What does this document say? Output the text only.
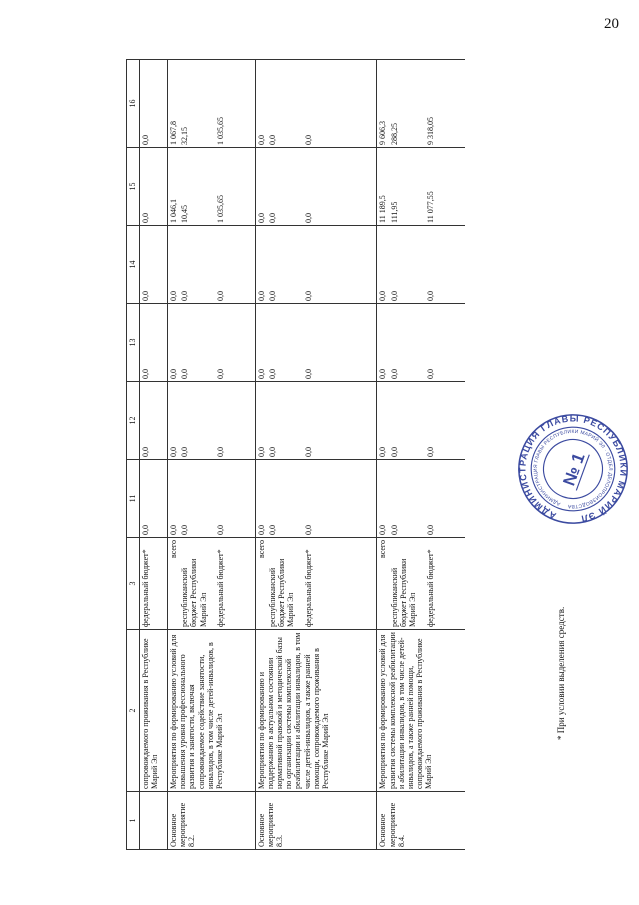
20
1	2	3	11	12	13	14	15	16
	сопровождаемого проживания в Республике Марий Эл	федеральный бюджет*	0,0	0,0	0,0	0,0	0,0	0,0
Основное мероприятие 8.2.	Мероприятия по формированию условий для повышения уровня профессионального развития и занятости, включая сопровождаемое содействие занятости, инвалидов, в том числе детей-инвалидов, в Республике Марий Эл	всего	0,0	0,0	0,0	0,0	1 046,1	1 067,8
		республиканский бюджет Республики Марий Эл	0,0	0,0	0,0	0,0	10,45	32,15
		федеральный бюджет*	0,0	0,0	0,0	0,0	1 035,65	1 035,65
Основное мероприятие 8.3.	Мероприятия по формированию и поддержанию в актуальном состоянии нормативной правовой и методической базы по организации системы комплексной реабилитации и абилитации инвалидов, в том числе детей-инвалидов, а также ранней помощи, сопровождаемого проживания в Республике Марий Эл	всего	0,0	0,0	0,0	0,0	0,0	0,0
		республиканский бюджет Республики Марий Эл	0,0	0,0	0,0	0,0	0,0	0,0
		федеральный бюджет*	0,0	0,0	0,0	0,0	0,0	0,0
Основное мероприятие 8.4.	Мероприятия по формированию условий для развития системы комплексной реабилитации и абилитации инвалидов, в том числе детей-инвалидов, а также ранней помощи, сопровождаемого проживания в Республике Марий Эл	всего	0,0	0,0	0,0	0,0	11 189,5	9 606,3
		республиканский бюджет Республики Марий Эл	0,0	0,0	0,0	0,0	111,95	288,25
		федеральный бюджет*	0,0	0,0	0,0	0,0	11 077,55	9 318,05
* При условии выделения средств.
АДМИНИСТРАЦИЯ ГЛАВЫ РЕСПУБЛИКИ МАРИЙ ЭЛ
АДМИНИСТРАЦИЯ ГЛАВЫ РЕСПУБЛИКИ МАРИЙ ЭЛ · ОТДЕЛ ДЕЛОПРОИЗВОДСТВА
№ 1
